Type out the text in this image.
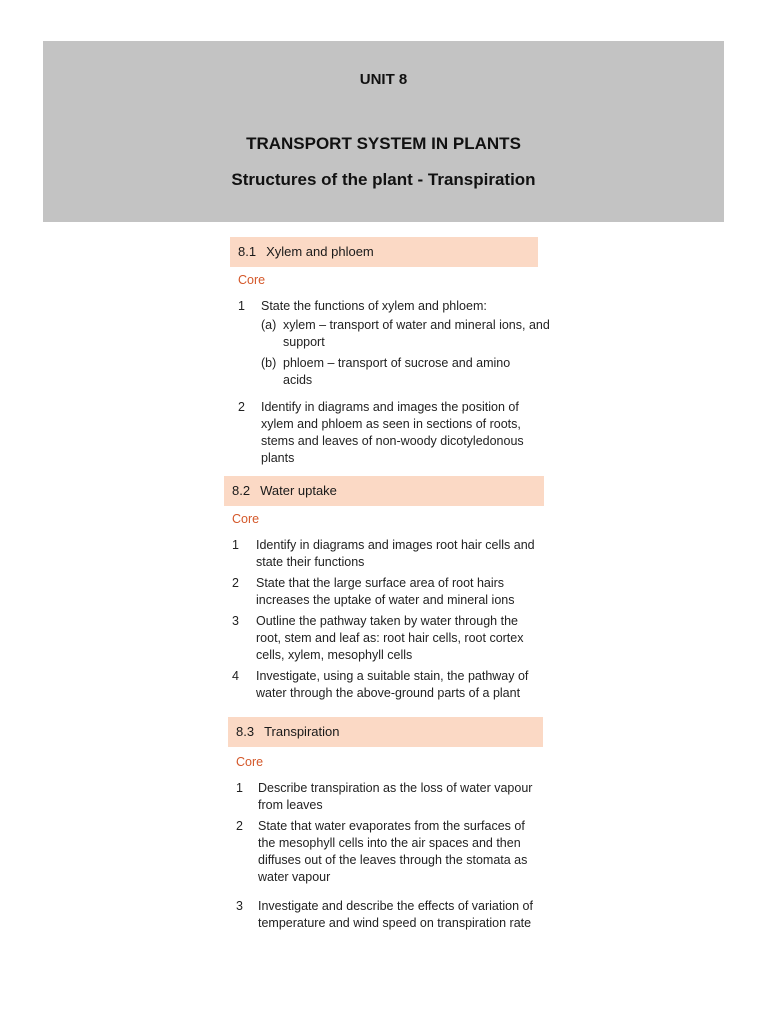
UNIT 8
TRANSPORT SYSTEM IN PLANTS
Structures of the plant - Transpiration
8.1 Xylem and phloem
Core
1 State the functions of xylem and phloem:
(a) xylem – transport of water and mineral ions, and support
(b) phloem – transport of sucrose and amino acids
2 Identify in diagrams and images the position of xylem and phloem as seen in sections of roots, stems and leaves of non-woody dicotyledonous plants
8.2 Water uptake
Core
1 Identify in diagrams and images root hair cells and state their functions
2 State that the large surface area of root hairs increases the uptake of water and mineral ions
3 Outline the pathway taken by water through the root, stem and leaf as: root hair cells, root cortex cells, xylem, mesophyll cells
4 Investigate, using a suitable stain, the pathway of water through the above-ground parts of a plant
8.3 Transpiration
Core
1 Describe transpiration as the loss of water vapour from leaves
2 State that water evaporates from the surfaces of the mesophyll cells into the air spaces and then diffuses out of the leaves through the stomata as water vapour
3 Investigate and describe the effects of variation of temperature and wind speed on transpiration rate
